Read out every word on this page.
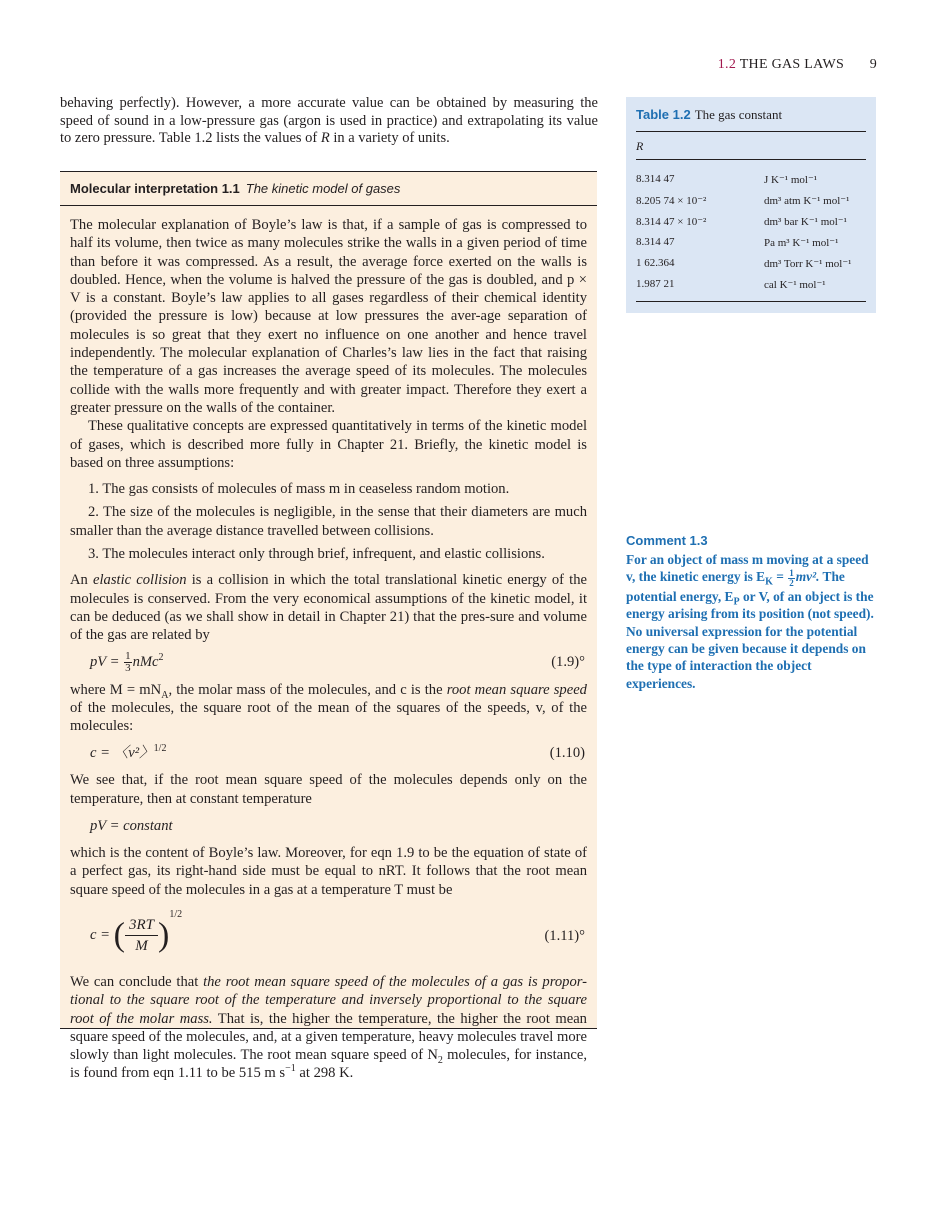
1.2 THE GAS LAWS 9
behaving perfectly). However, a more accurate value can be obtained by measuring the speed of sound in a low-pressure gas (argon is used in practice) and extrapolating its value to zero pressure. Table 1.2 lists the values of R in a variety of units.
Molecular interpretation 1.1 The kinetic model of gases

The molecular explanation of Boyle’s law is that, if a sample of gas is compressed to half its volume, then twice as many molecules strike the walls in a given period of time than before it was compressed. As a result, the average force exerted on the walls is doubled. Hence, when the volume is halved the pressure of the gas is doubled, and p × V is a constant. Boyle’s law applies to all gases regardless of their chemical identity (provided the pressure is low) because at low pressures the aver-age separation of molecules is so great that they exert no influence on one another and hence travel independently. The molecular explanation of Charles’s law lies in the fact that raising the temperature of a gas increases the average speed of its molecules. The molecules collide with the walls more frequently and with greater impact. Therefore they exert a greater pressure on the walls of the container.

These qualitative concepts are expressed quantitatively in terms of the kinetic model of gases, which is described more fully in Chapter 21. Briefly, the kinetic model is based on three assumptions:

1. The gas consists of molecules of mass m in ceaseless random motion.
2. The size of the molecules is negligible, in the sense that their diameters are much smaller than the average distance travelled between collisions.
3. The molecules interact only through brief, infrequent, and elastic collisions.

An elastic collision is a collision in which the total translational kinetic energy of the molecules is conserved. From the very economical assumptions of the kinetic model, it can be deduced (as we shall show in detail in Chapter 21) that the pres-sure and volume of the gas are related by

pV = $\frac{1}{3} nMc^2$	(1.9)°

where $M = mN_A$, the molar mass of the molecules, and c is the root mean square speed of the molecules, the square root of the mean of the squares of the speeds, v, of the molecules:

c = 〈v²〉$^{1/2}$	(1.10)

We see that, if the root mean square speed of the molecules depends only on the temperature, then at constant temperature

pV = constant

which is the content of Boyle’s law. Moreover, for eqn 1.9 to be the equation of state of a perfect gas, its right-hand side must be equal to nRT. It follows that the root mean square speed of the molecules in a gas at a temperature T must be

c = ( $\frac{3RT}{M} )^{1/2}$
(1.11)°

We can conclude that the root mean square speed of the molecules of a gas is propor-tional to the square root of the temperature and inversely proportional to the square root of the molar mass. That is, the higher the temperature, the higher the root mean square speed of the molecules, and, at a given temperature, heavy molecules travel more slowly than light molecules. The root mean square speed of $N_2$ molecules, for instance, is found from eqn 1.11 to be 515 m $s^{-1}$ at 298 K.

Table 1.2 The gas constant
R
8.314 47	J K⁻¹ mol⁻¹
8.205 74 × 10⁻²	dm³ atm K⁻¹ mol⁻¹
8.314 47 × 10⁻²	dm³ bar K⁻¹ mol⁻¹
8.314 47	Pa m³ K⁻¹ mol⁻¹
1 62.364	dm³ Torr K⁻¹ mol⁻¹
1.987 21	cal K⁻¹ mol⁻¹
Comment 1.3
For an object of mass m moving at a speed v, the kinetic energy is $E_K = \frac{1}{2} mv^2$. The potential energy, $E_P$ or V, of an object is the energy arising from its position (not speed). No universal expression for the potential energy can be given because it depends on the type of interaction the object experiences.
